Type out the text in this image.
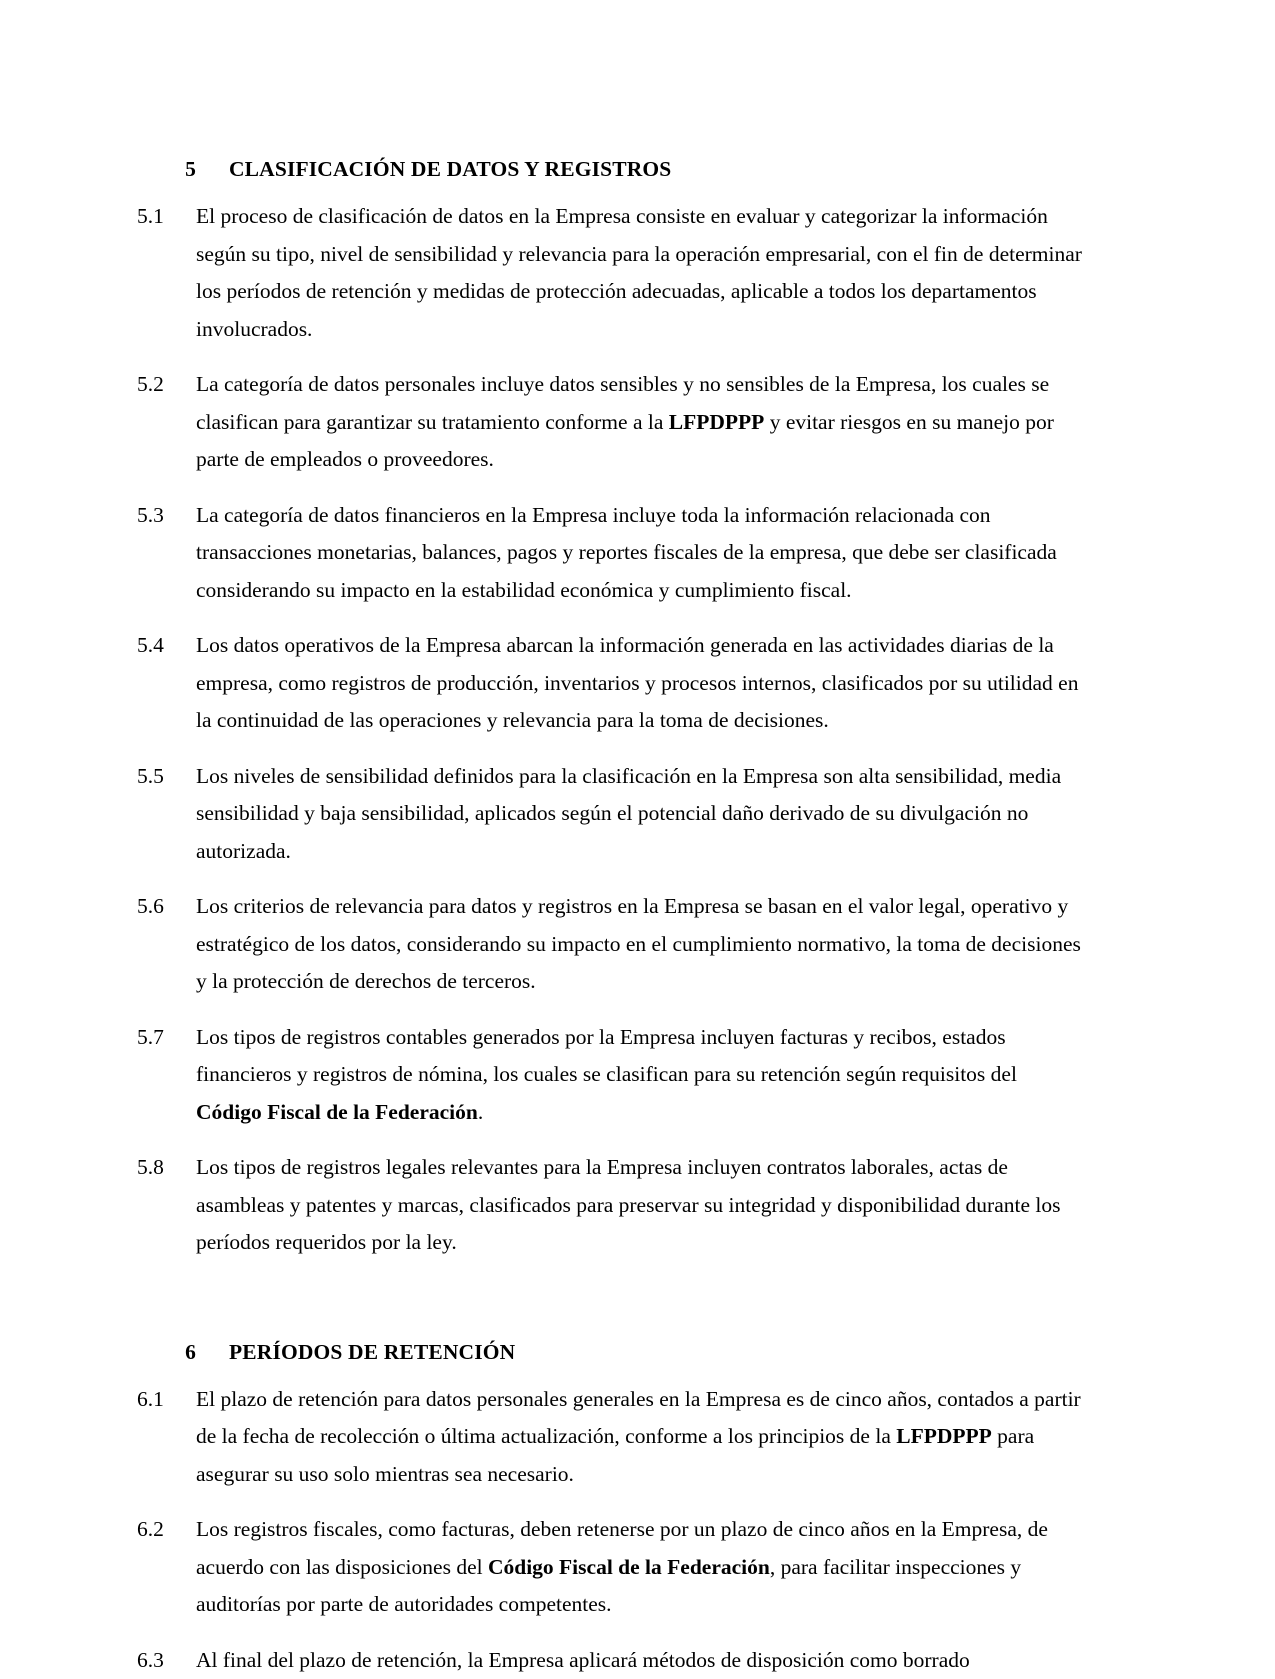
5	CLASIFICACIÓN DE DATOS Y REGISTROS
5.1	El proceso de clasificación de datos en la Empresa consiste en evaluar y categorizar la información según su tipo, nivel de sensibilidad y relevancia para la operación empresarial, con el fin de determinar los períodos de retención y medidas de protección adecuadas, aplicable a todos los departamentos involucrados.
5.2	La categoría de datos personales incluye datos sensibles y no sensibles de la Empresa, los cuales se clasifican para garantizar su tratamiento conforme a la LFPDPPP y evitar riesgos en su manejo por parte de empleados o proveedores.
5.3	La categoría de datos financieros en la Empresa incluye toda la información relacionada con transacciones monetarias, balances, pagos y reportes fiscales de la empresa, que debe ser clasificada considerando su impacto en la estabilidad económica y cumplimiento fiscal.
5.4	Los datos operativos de la Empresa abarcan la información generada en las actividades diarias de la empresa, como registros de producción, inventarios y procesos internos, clasificados por su utilidad en la continuidad de las operaciones y relevancia para la toma de decisiones.
5.5	Los niveles de sensibilidad definidos para la clasificación en la Empresa son alta sensibilidad, media sensibilidad y baja sensibilidad, aplicados según el potencial daño derivado de su divulgación no autorizada.
5.6	Los criterios de relevancia para datos y registros en la Empresa se basan en el valor legal, operativo y estratégico de los datos, considerando su impacto en el cumplimiento normativo, la toma de decisiones y la protección de derechos de terceros.
5.7	Los tipos de registros contables generados por la Empresa incluyen facturas y recibos, estados financieros y registros de nómina, los cuales se clasifican para su retención según requisitos del Código Fiscal de la Federación.
5.8	Los tipos de registros legales relevantes para la Empresa incluyen contratos laborales, actas de asambleas y patentes y marcas, clasificados para preservar su integridad y disponibilidad durante los períodos requeridos por la ley.
6	PERÍODOS DE RETENCIÓN
6.1	El plazo de retención para datos personales generales en la Empresa es de cinco años, contados a partir de la fecha de recolección o última actualización, conforme a los principios de la LFPDPPP para asegurar su uso solo mientras sea necesario.
6.2	Los registros fiscales, como facturas, deben retenerse por un plazo de cinco años en la Empresa, de acuerdo con las disposiciones del Código Fiscal de la Federación, para facilitar inspecciones y auditorías por parte de autoridades competentes.
6.3	Al final del plazo de retención, la Empresa aplicará métodos de disposición como borrado
